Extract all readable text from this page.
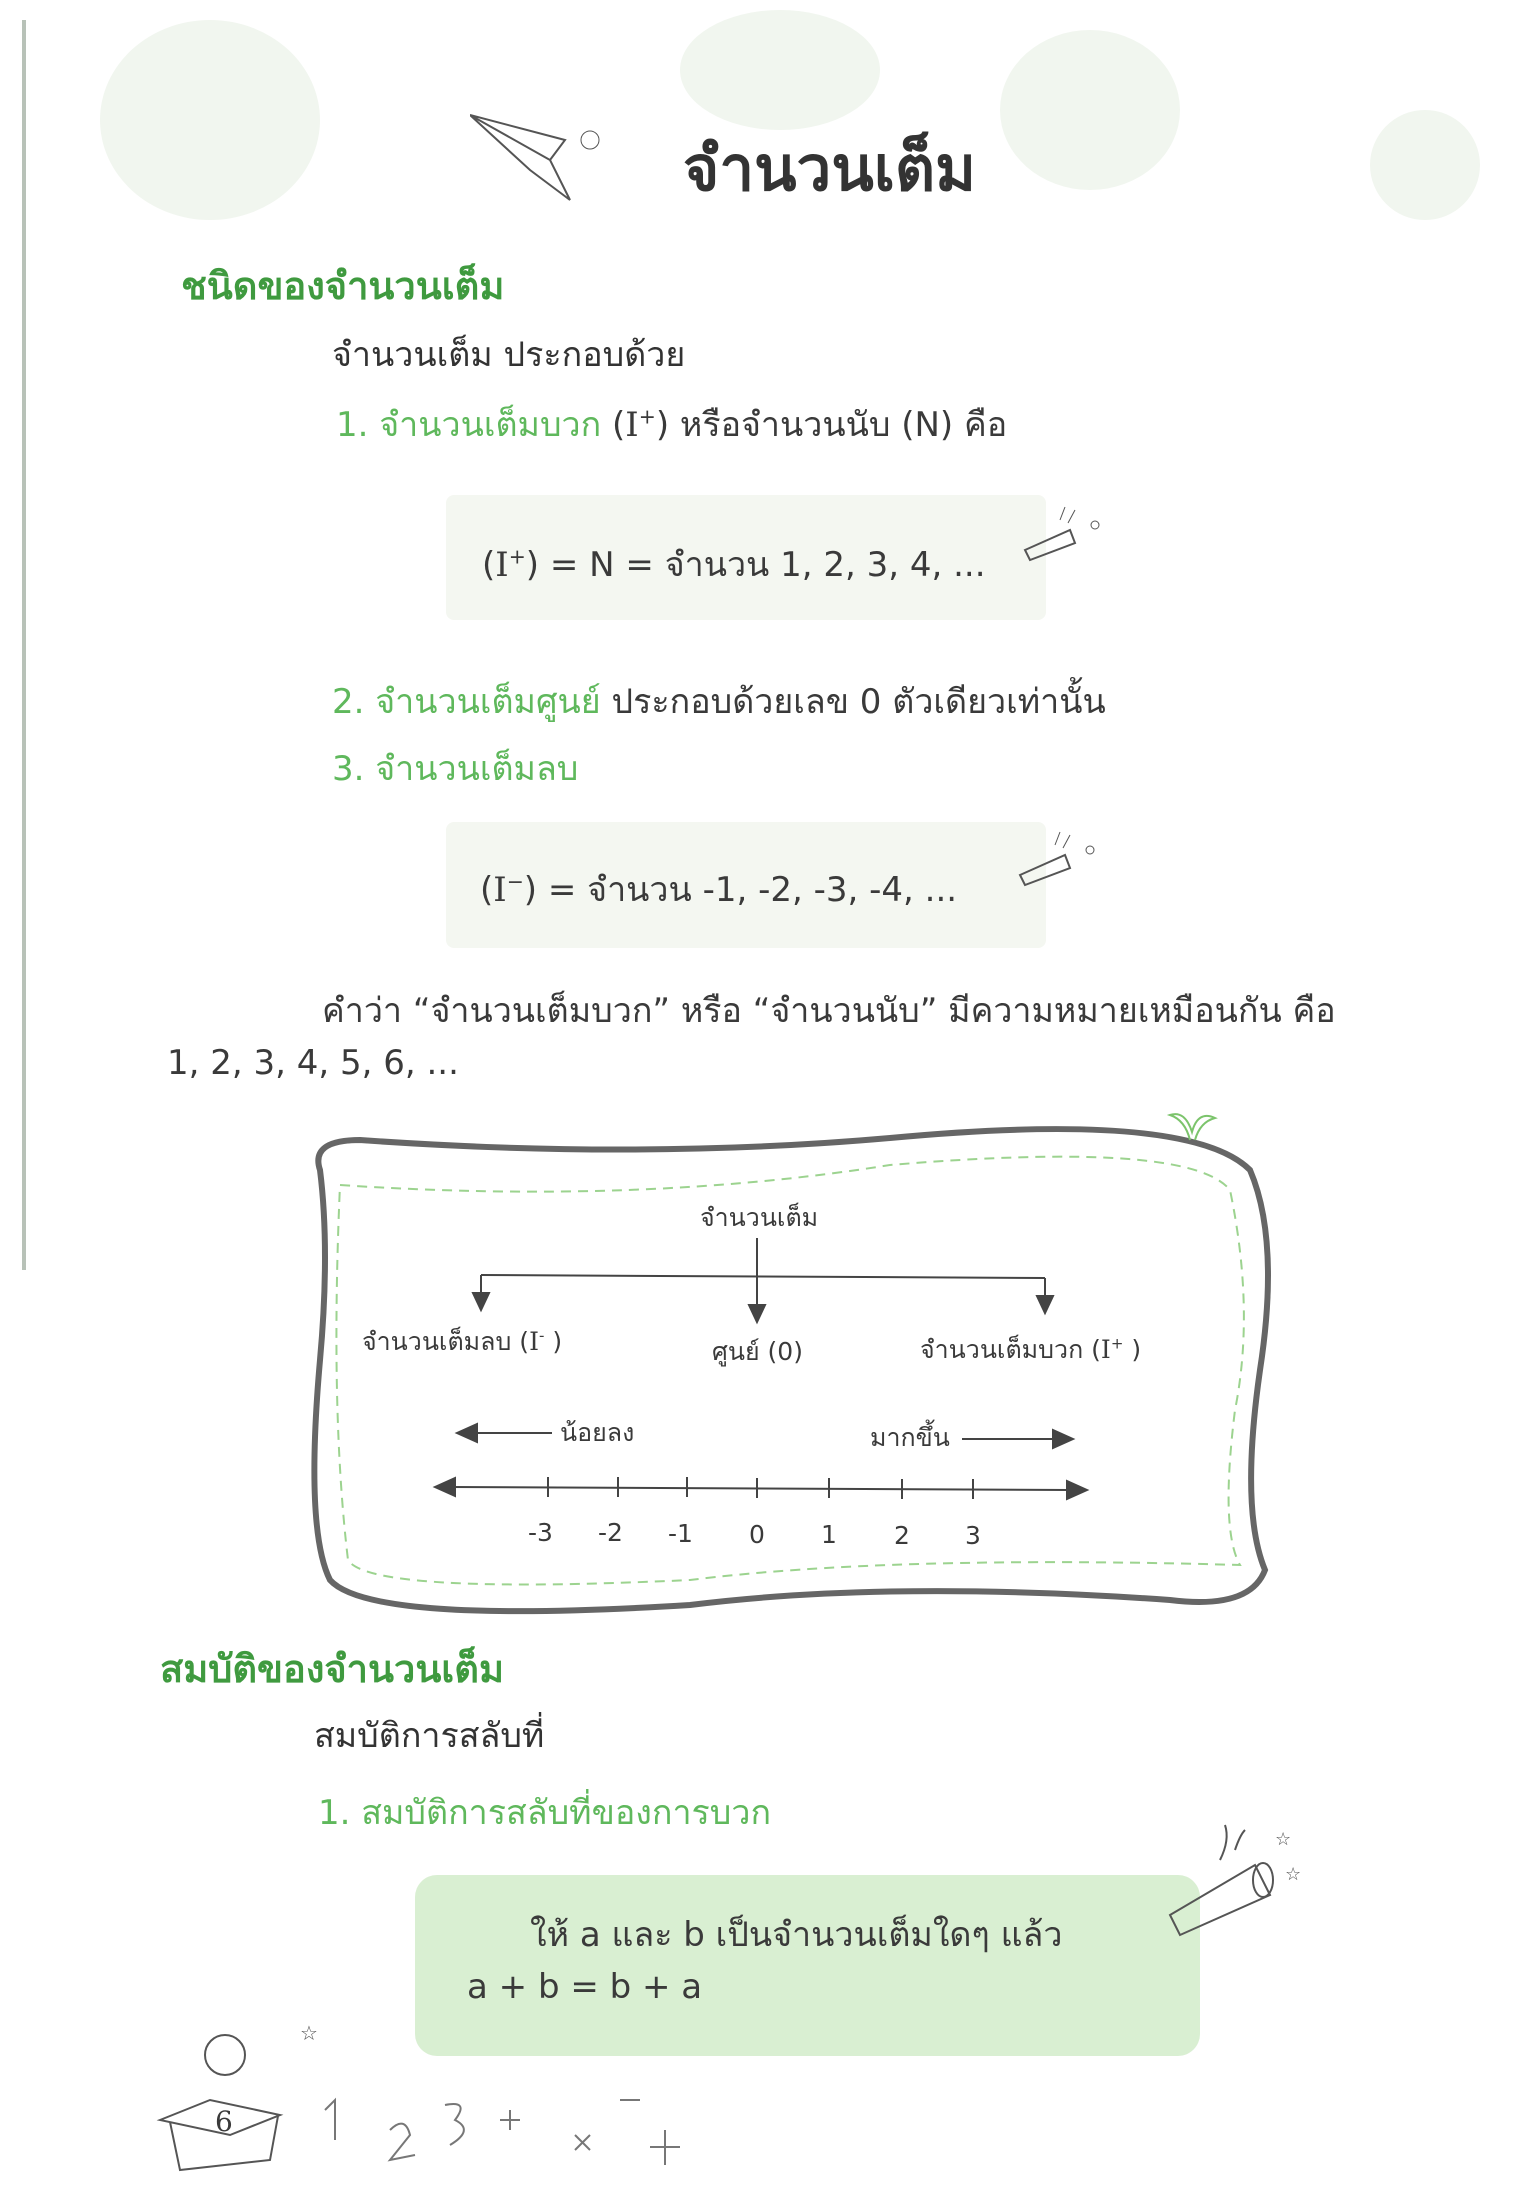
จำนวนเต็ม
ชนิดของจำนวนเต็ม
จำนวนเต็ม ประกอบด้วย
1. จำนวนเต็มบวก (I+) หรือจำนวนนับ (N) คือ
(I+) = N = จำนวน 1, 2, 3, 4, ...
2. จำนวนเต็มศูนย์ ประกอบด้วยเลข 0 ตัวเดียวเท่านั้น
3. จำนวนเต็มลบ
(I−) = จำนวน -1, -2, -3, -4, ...
คำว่า “จำนวนเต็มบวก” หรือ “จำนวนนับ” มีความหมายเหมือนกัน คือ
1, 2, 3, 4, 5, 6, ...
จำนวนเต็ม
จำนวนเต็มลบ (I- )	ศูนย์ (0)	จำนวนเต็มบวก (I+ )
น้อยลง	มากขึ้น
-3 -2 -1 0 1 2 3
สมบัติของจำนวนเต็ม
สมบัติการสลับที่
1. สมบัติการสลับที่ของการบวก
ให้ a และ b เป็นจำนวนเต็มใดๆ แล้ว
a + b = b + a
☆
☆
☆
6
